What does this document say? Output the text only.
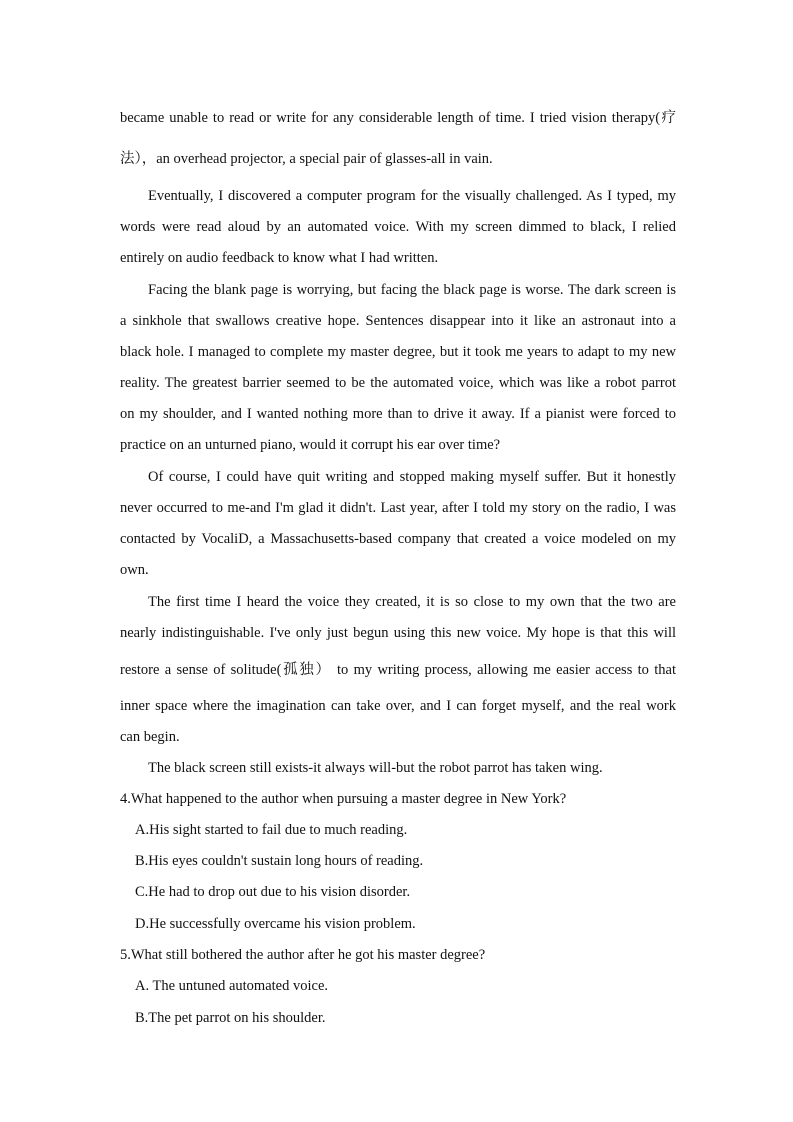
became unable to read or write for any considerable length of time. I tried vision therapy(疗
法），an overhead projector, a special pair of glasses-all in vain.
Eventually, I discovered a computer program for the visually challenged. As I typed, my
words were read aloud by an automated voice. With my screen dimmed to black, I relied
entirely on audio feedback to know what I had written.
Facing the blank page is worrying, but facing the black page is worse. The dark screen is
a sinkhole that swallows creative hope. Sentences disappear into it like an astronaut into a
black hole. I managed to complete my master degree, but it took me years to adapt to my new
reality. The greatest barrier seemed to be the automated voice, which was like a robot parrot
on my shoulder, and I wanted nothing more than to drive it away. If a pianist were forced to
practice on an unturned piano, would it corrupt his ear over time?
Of course, I could have quit writing and stopped making myself suffer. But it honestly
never occurred to me-and I'm glad it didn't. Last year, after I told my story on the radio, I was
contacted by VocaliD, a Massachusetts-based company that created a voice modeled on my
own.
The first time I heard the voice they created, it is so close to my own that the two are
nearly indistinguishable. I've only just begun using this new voice. My hope is that this will
restore a sense of solitude(孤独） to my writing process, allowing me easier access to that
inner space where the imagination can take over, and I can forget myself, and the real work
can begin.
The black screen still exists-it always will-but the robot parrot has taken wing.
4.What happened to the author when pursuing a master degree in New York?
A.His sight started to fail due to much reading.
B.His eyes couldn't sustain long hours of reading.
C.He had to drop out due to his vision disorder.
D.He successfully overcame his vision problem.
5.What still bothered the author after he got his master degree?
A. The untuned automated voice.
B.The pet parrot on his shoulder.
